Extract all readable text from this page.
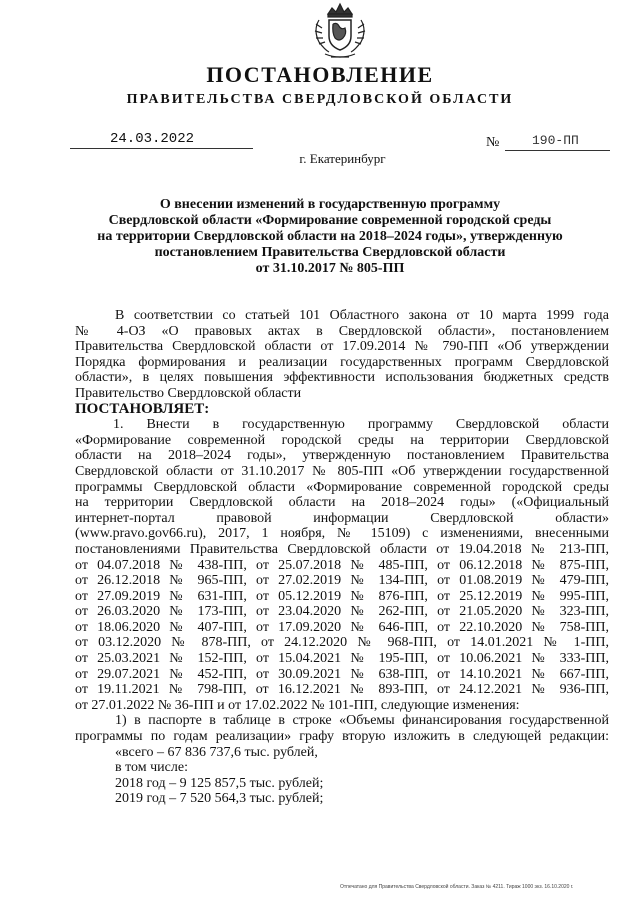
ПОСТАНОВЛЕНИЕ
ПРАВИТЕЛЬСТВА СВЕРДЛОВСКОЙ ОБЛАСТИ
24.03.2022	№	190-ПП
г. Екатеринбург
О внесении изменений в государственную программу
Свердловской области «Формирование современной городской среды
на территории Свердловской области на 2018–2024 годы», утвержденную
постановлением Правительства Свердловской области
от 31.10.2017 № 805-ПП
В соответствии со статьей 101 Областного закона от 10 марта 1999 года
№ 4-ОЗ «О правовых актах в Свердловской области», постановлением
Правительства Свердловской области от 17.09.2014 № 790-ПП «Об утверждении
Порядка формирования и реализации государственных программ Свердловской
области», в целях повышения эффективности использования бюджетных средств
Правительство Свердловской области
ПОСТАНОВЛЯЕТ:
1. Внести в государственную программу Свердловской области
«Формирование современной городской среды на территории Свердловской
области на 2018–2024 годы», утвержденную постановлением Правительства
Свердловской области от 31.10.2017 № 805-ПП «Об утверждении государственной
программы Свердловской области «Формирование современной городской среды
на территории Свердловской области на 2018–2024 годы» («Официальный
интернет-портал правовой информации Свердловской области»
(www.pravo.gov66.ru), 2017, 1 ноября, № 15109) с изменениями, внесенными
постановлениями Правительства Свердловской области от 19.04.2018 № 213-ПП,
от 04.07.2018 № 438-ПП, от 25.07.2018 № 485-ПП, от 06.12.2018 № 875-ПП,
от 26.12.2018 № 965-ПП, от 27.02.2019 № 134-ПП, от 01.08.2019 № 479-ПП,
от 27.09.2019 № 631-ПП, от 05.12.2019 № 876-ПП, от 25.12.2019 № 995-ПП,
от 26.03.2020 № 173-ПП, от 23.04.2020 № 262-ПП, от 21.05.2020 № 323-ПП,
от 18.06.2020 № 407-ПП, от 17.09.2020 № 646-ПП, от 22.10.2020 № 758-ПП,
от 03.12.2020 № 878-ПП, от 24.12.2020 № 968-ПП, от 14.01.2021 № 1-ПП,
от 25.03.2021 № 152-ПП, от 15.04.2021 № 195-ПП, от 10.06.2021 № 333-ПП,
от 29.07.2021 № 452-ПП, от 30.09.2021 № 638-ПП, от 14.10.2021 № 667-ПП,
от 19.11.2021 № 798-ПП, от 16.12.2021 № 893-ПП, от 24.12.2021 № 936-ПП,
от 27.01.2022 № 36-ПП и от 17.02.2022 № 101-ПП, следующие изменения:
1) в паспорте в таблице в строке «Объемы финансирования государственной
программы по годам реализации» графу вторую изложить в следующей редакции:
«всего – 67 836 737,6 тыс. рублей,
в том числе:
2018 год – 9 125 857,5 тыс. рублей;
2019 год – 7 520 564,3 тыс. рублей;
Отпечатано для Правительства Свердловской области. Заказ № 4211. Тираж 1000 экз. 16.10.2020 г.
